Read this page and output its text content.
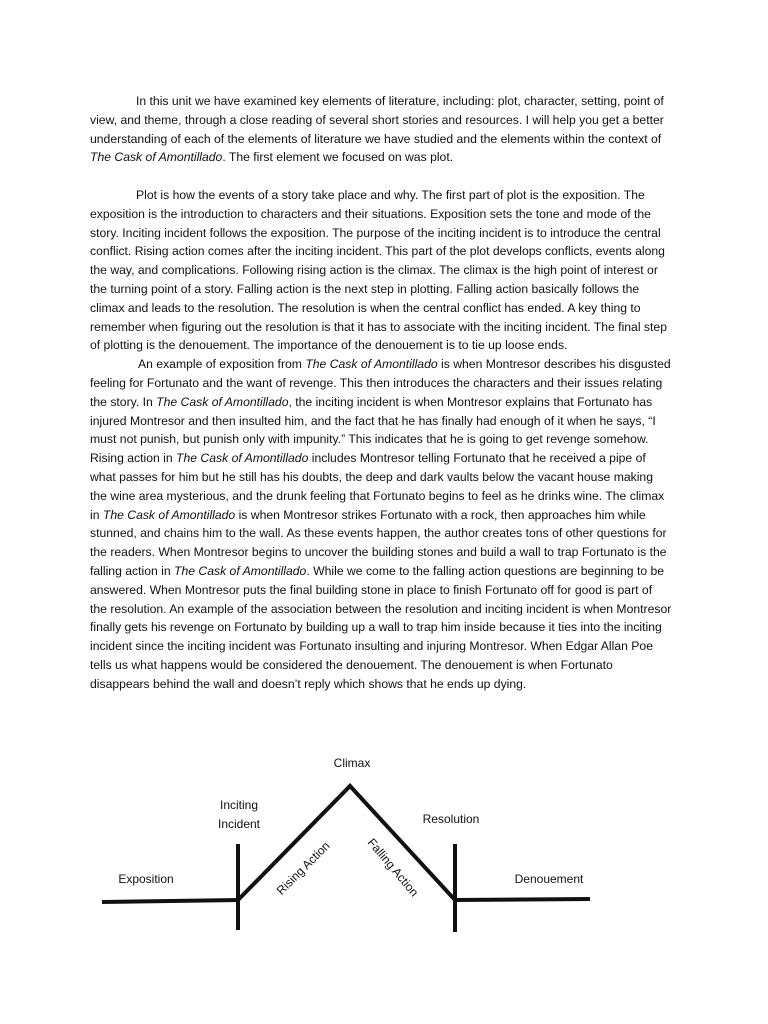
In this unit we have examined key elements of literature, including: plot, character, setting, point of view, and theme, through a close reading of several short stories and resources. I will help you get a better understanding of each of the elements of literature we have studied and the elements within the context of The Cask of Amontillado. The first element we focused on was plot.

Plot is how the events of a story take place and why. The first part of plot is the exposition. The exposition is the introduction to characters and their situations. Exposition sets the tone and mode of the story. Inciting incident follows the exposition. The purpose of the inciting incident is to introduce the central conflict. Rising action comes after the inciting incident. This part of the plot develops conflicts, events along the way, and complications. Following rising action is the climax. The climax is the high point of interest or the turning point of a story. Falling action is the next step in plotting. Falling action basically follows the climax and leads to the resolution. The resolution is when the central conflict has ended. A key thing to remember when figuring out the resolution is that it has to associate with the inciting incident. The final step of plotting is the denouement. The importance of the denouement is to tie up loose ends.

An example of exposition from The Cask of Amontillado is when Montresor describes his disgusted feeling for Fortunato and the want of revenge. This then introduces the characters and their issues relating the story. In The Cask of Amontillado, the inciting incident is when Montresor explains that Fortunato has injured Montresor and then insulted him, and the fact that he has finally had enough of it when he says, “I must not punish, but punish only with impunity.” This indicates that he is going to get revenge somehow. Rising action in The Cask of Amontillado includes Montresor telling Fortunato that he received a pipe of what passes for him but he still has his doubts, the deep and dark vaults below the vacant house making the wine area mysterious, and the drunk feeling that Fortunato begins to feel as he drinks wine. The climax in The Cask of Amontillado is when Montresor strikes Fortunato with a rock, then approaches him while stunned, and chains him to the wall. As these events happen, the author creates tons of other questions for the readers. When Montresor begins to uncover the building stones and build a wall to trap Fortunato is the falling action in The Cask of Amontillado. While we come to the falling action questions are beginning to be answered. When Montresor puts the final building stone in place to finish Fortunato off for good is part of the resolution. An example of the association between the resolution and inciting incident is when Montresor finally gets his revenge on Fortunato by building up a wall to trap him inside because it ties into the inciting incident since the inciting incident was Fortunato insulting and injuring Montresor. When Edgar Allan Poe tells us what happens would be considered the denouement. The denouement is when Fortunato disappears behind the wall and doesn’t reply which shows that he ends up dying.

Climax
Inciting
Incident	Resolution
Exposition	Denouement
Rising Action	Falling Action
